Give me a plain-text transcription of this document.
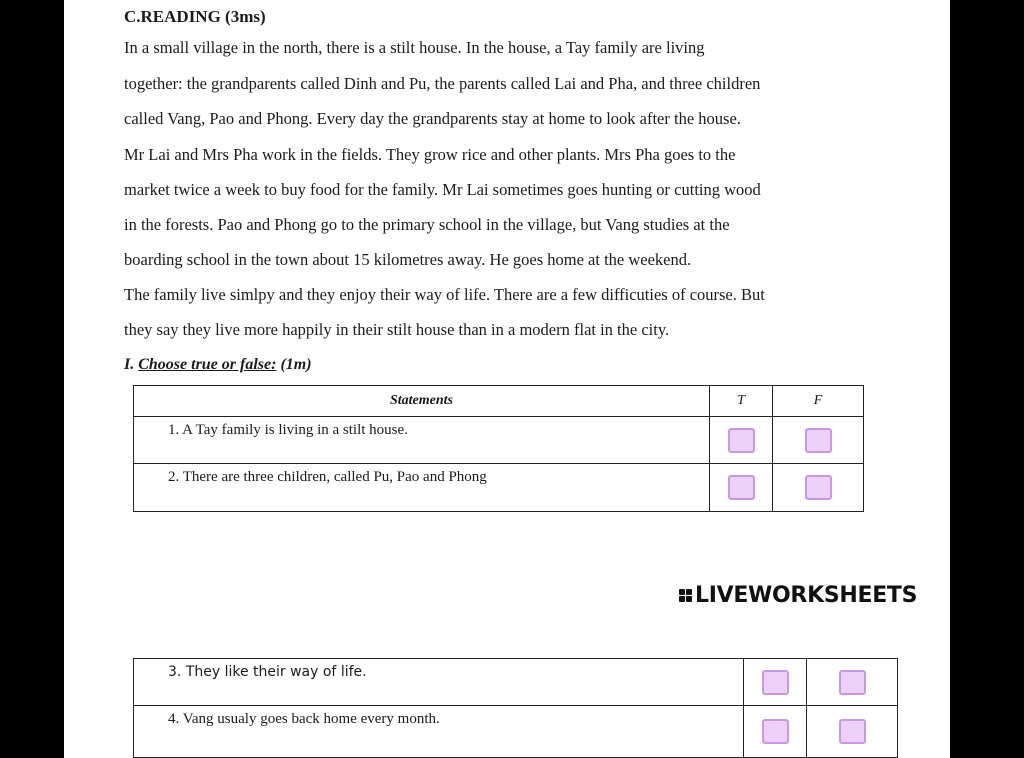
C.READING (3ms)
In a small village in the north, there is a stilt house. In the house, a Tay family are living
together: the grandparents called Dinh and Pu, the parents called Lai and Pha, and three children
called Vang, Pao and Phong. Every day the grandparents stay at home to look after the house.
Mr Lai and Mrs Pha work in the fields. They grow rice and other plants. Mrs Pha goes to the
market twice a week to buy food for the family. Mr Lai sometimes goes hunting or cutting wood
in the forests. Pao and Phong go to the primary school in the village, but Vang studies at the
boarding school in the town about 15 kilometres away. He goes home at the weekend.
The family live simlpy and they enjoy their way of life. There are a few difficuties of course. But
they say they live more happily in their stilt house than in a modern flat in the city.
I. Choose true or false: (1m)
Statements	T	F
1. A Tay family is living in a stilt house.	

2. There are three children, called Pu, Pao and Phong	

LIVEWORKSHEETS
3. They like their way of life.	

4. Vang usualy goes back home every month.	
